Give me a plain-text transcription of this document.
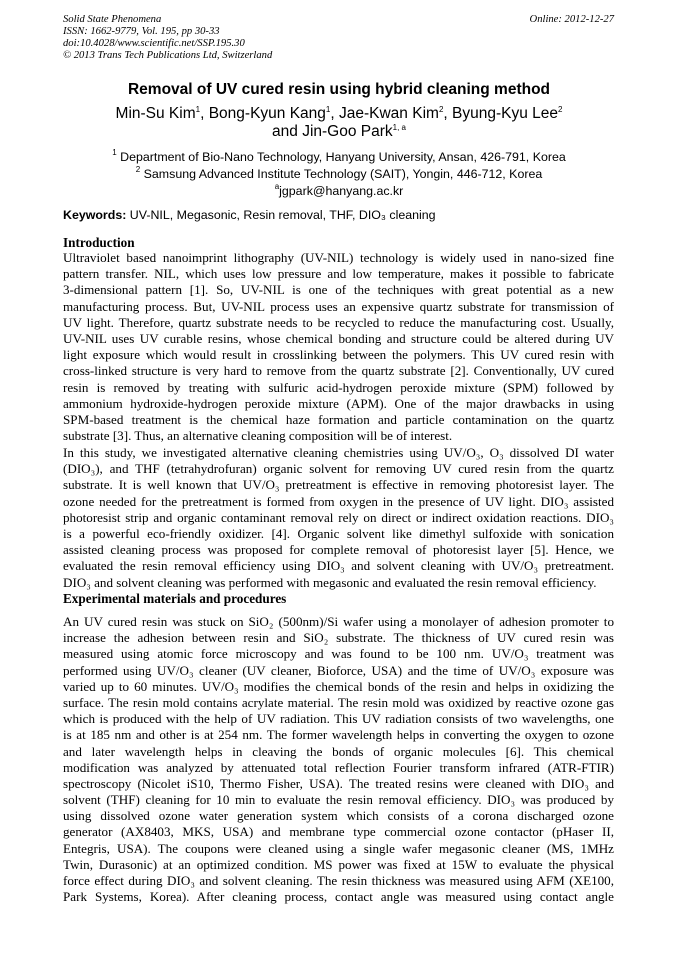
Solid State Phenomena
ISSN: 1662-9779, Vol. 195, pp 30-33
doi:10.4028/www.scientific.net/SSP.195.30
© 2013 Trans Tech Publications Ltd, Switzerland
Online: 2012-12-27
Removal of UV cured resin using hybrid cleaning method
Min-Su Kim$^1$, Bong-Kyun Kang$^1$, Jae-Kwan Kim$^2$, Byung-Kyu Lee$^2$
and Jin-Goo Park$^{1, a}$
$^1$ Department of Bio-Nano Technology, Hanyang University, Ansan, 426-791, Korea
$^2$ Samsung Advanced Institute Technology (SAIT), Yongin, 446-712, Korea
$^a$jgpark@hanyang.ac.kr
Keywords: UV-NIL, Megasonic, Resin removal, THF, DIO₃ cleaning
Introduction
Ultraviolet based nanoimprint lithography (UV-NIL) technology is widely used in nano-sized fine
pattern transfer. NIL, which uses low pressure and low temperature, makes it possible to fabricate
3-dimensional pattern [1]. So, UV-NIL is one of the techniques with great potential as a new
manufacturing process. But, UV-NIL process uses an expensive quartz substrate for transmission of
UV light. Therefore, quartz substrate needs to be recycled to reduce the manufacturing cost. Usually,
UV-NIL uses UV curable resins, whose chemical bonding and structure could be altered during UV
light exposure which would result in crosslinking between the polymers. This UV cured resin with
cross-linked structure is very hard to remove from the quartz substrate [2]. Conventionally, UV cured
resin is removed by treating with sulfuric acid-hydrogen peroxide mixture (SPM) followed by
ammonium hydroxide-hydrogen peroxide mixture (APM). One of the major drawbacks in using
SPM-based treatment is the chemical haze formation and particle contamination on the quartz
substrate [3]. Thus, an alternative cleaning composition will be of interest.
In this study, we investigated alternative cleaning chemistries using UV/O₃, O₃ dissolved DI water
(DIO₃), and THF (tetrahydrofuran) organic solvent for removing UV cured resin from the quartz
substrate. It is well known that UV/O₃ pretreatment is effective in removing photoresist layer. The
ozone needed for the pretreatment is formed from oxygen in the presence of UV light. DIO₃ assisted
photoresist strip and organic contaminant removal rely on direct or indirect oxidation reactions. DIO₃
is a powerful eco-friendly oxidizer. [4]. Organic solvent like dimethyl sulfoxide with sonication
assisted cleaning process was proposed for complete removal of photoresist layer [5]. Hence, we
evaluated the resin removal efficiency using DIO₃ and solvent cleaning with UV/O₃ pretreatment.
DIO₃ and solvent cleaning was performed with megasonic and evaluated the resin removal efficiency.
Experimental materials and procedures
An UV cured resin was stuck on SiO₂ (500nm)/Si wafer using a monolayer of adhesion promoter to
increase the adhesion between resin and SiO₂ substrate. The thickness of UV cured resin was
measured using atomic force microscopy and was found to be 100 nm. UV/O₃ treatment was
performed using UV/O₃ cleaner (UV cleaner, Bioforce, USA) and the time of UV/O₃ exposure was
varied up to 60 minutes. UV/O₃ modifies the chemical bonds of the resin and helps in oxidizing the
surface. The resin mold contains acrylate material. The resin mold was oxidized by reactive ozone gas
which is produced with the help of UV radiation. This UV radiation consists of two wavelengths, one
is at 185 nm and other is at 254 nm. The former wavelength helps in converting the oxygen to ozone
and later wavelength helps in cleaving the bonds of organic molecules [6]. This chemical
modification was analyzed by attenuated total reflection Fourier transform infrared (ATR-FTIR)
spectroscopy (Nicolet iS10, Thermo Fisher, USA). The treated resins were cleaned with DIO₃ and
solvent (THF) cleaning for 10 min to evaluate the resin removal efficiency. DIO₃ was produced by
using dissolved ozone water generation system which consists of a corona discharged ozone
generator (AX8403, MKS, USA) and membrane type commercial ozone contactor (pHaser II,
Entegris, USA). The coupons were cleaned using a single wafer megasonic cleaner (MS, 1MHz
Twin, Durasonic) at an optimized condition. MS power was fixed at 15W to evaluate the physical
force effect during DIO₃ and solvent cleaning. The resin thickness was measured using AFM (XE100,
Park Systems, Korea). After cleaning process, contact angle was measured using contact angle
